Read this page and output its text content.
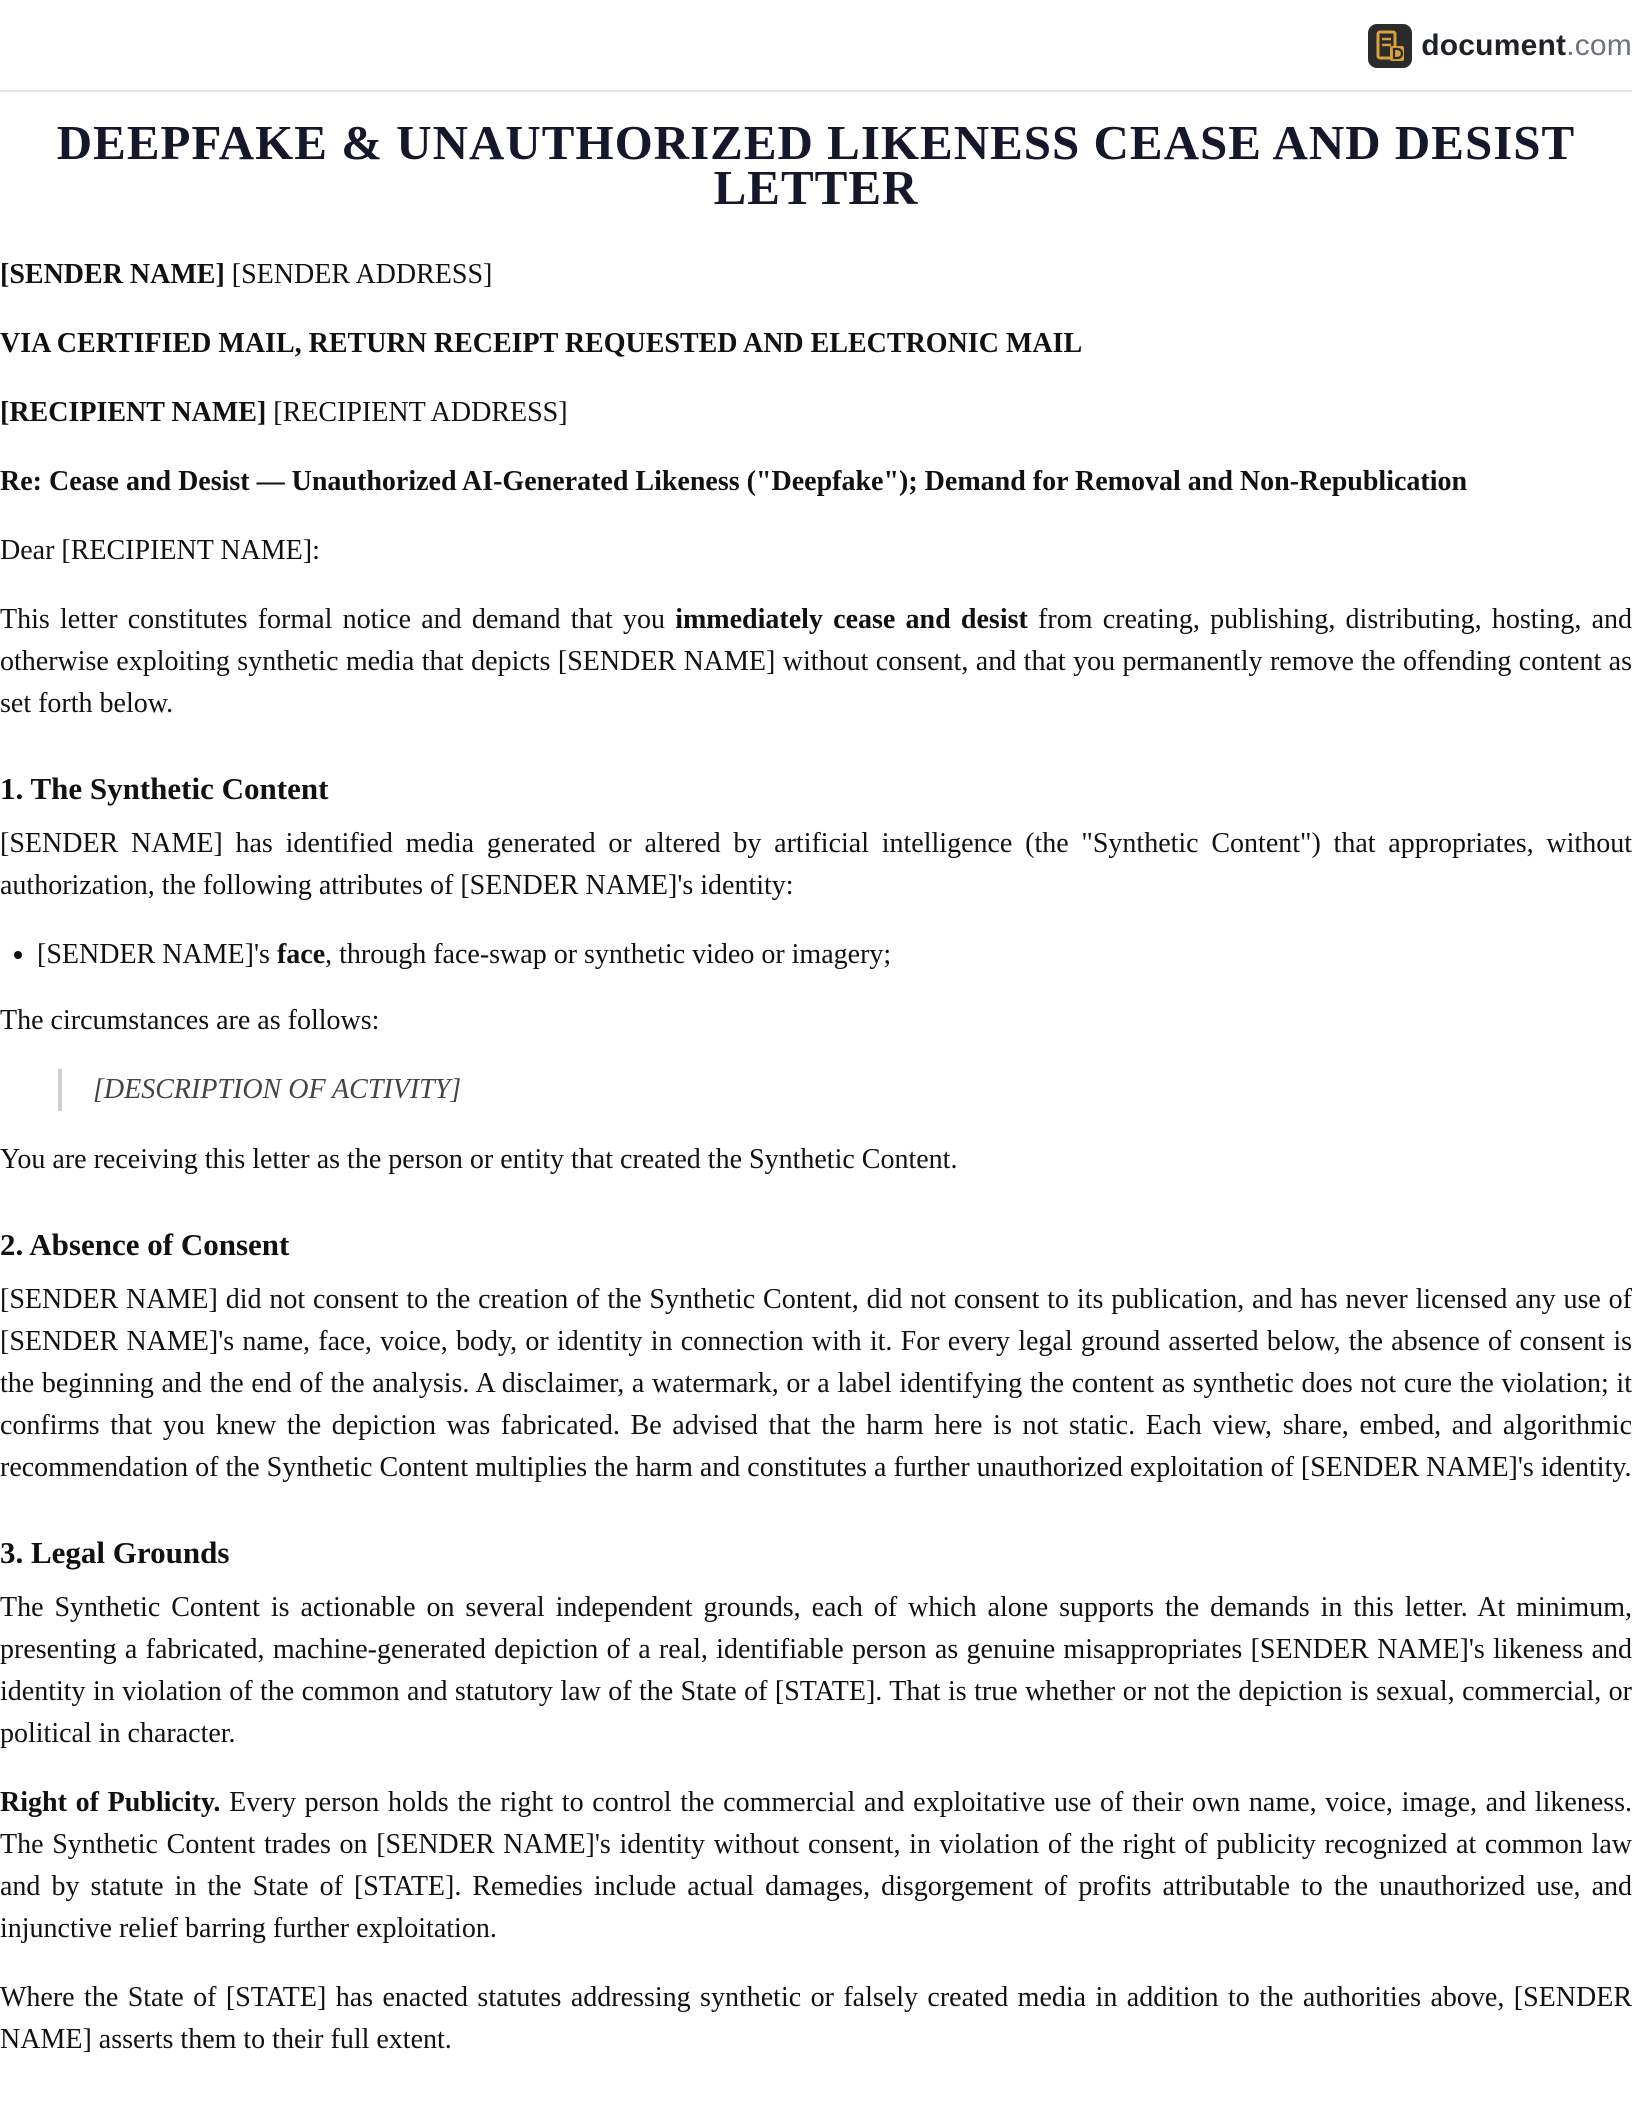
document.com
DEEPFAKE & UNAUTHORIZED LIKENESS CEASE AND DESIST LETTER

[SENDER NAME] [SENDER ADDRESS]

VIA CERTIFIED MAIL, RETURN RECEIPT REQUESTED AND ELECTRONIC MAIL

[RECIPIENT NAME] [RECIPIENT ADDRESS]

Re: Cease and Desist — Unauthorized AI-Generated Likeness ("Deepfake"); Demand for Removal and Non-Republication

Dear [RECIPIENT NAME]:

This letter constitutes formal notice and demand that you immediately cease and desist from creating, publishing, distributing, hosting, and otherwise exploiting synthetic media that depicts [SENDER NAME] without consent, and that you permanently remove the offending content as set forth below.

1. The Synthetic Content

[SENDER NAME] has identified media generated or altered by artificial intelligence (the "Synthetic Content") that appropriates, without authorization, the following attributes of [SENDER NAME]'s identity:

• [SENDER NAME]'s face, through face-swap or synthetic video or imagery;

The circumstances are as follows:

[DESCRIPTION OF ACTIVITY]

You are receiving this letter as the person or entity that created the Synthetic Content.

2. Absence of Consent

[SENDER NAME] did not consent to the creation of the Synthetic Content, did not consent to its publication, and has never licensed any use of [SENDER NAME]'s name, face, voice, body, or identity in connection with it. For every legal ground asserted below, the absence of consent is the beginning and the end of the analysis. A disclaimer, a watermark, or a label identifying the content as synthetic does not cure the violation; it confirms that you knew the depiction was fabricated. Be advised that the harm here is not static. Each view, share, embed, and algorithmic recommendation of the Synthetic Content multiplies the harm and constitutes a further unauthorized exploitation of [SENDER NAME]'s identity.

3. Legal Grounds

The Synthetic Content is actionable on several independent grounds, each of which alone supports the demands in this letter. At minimum, presenting a fabricated, machine-generated depiction of a real, identifiable person as genuine misappropriates [SENDER NAME]'s likeness and identity in violation of the common and statutory law of the State of [STATE]. That is true whether or not the depiction is sexual, commercial, or political in character.

Right of Publicity. Every person holds the right to control the commercial and exploitative use of their own name, voice, image, and likeness. The Synthetic Content trades on [SENDER NAME]'s identity without consent, in violation of the right of publicity recognized at common law and by statute in the State of [STATE]. Remedies include actual damages, disgorgement of profits attributable to the unauthorized use, and injunctive relief barring further exploitation.

Where the State of [STATE] has enacted statutes addressing synthetic or falsely created media in addition to the authorities above, [SENDER NAME] asserts them to their full extent.
